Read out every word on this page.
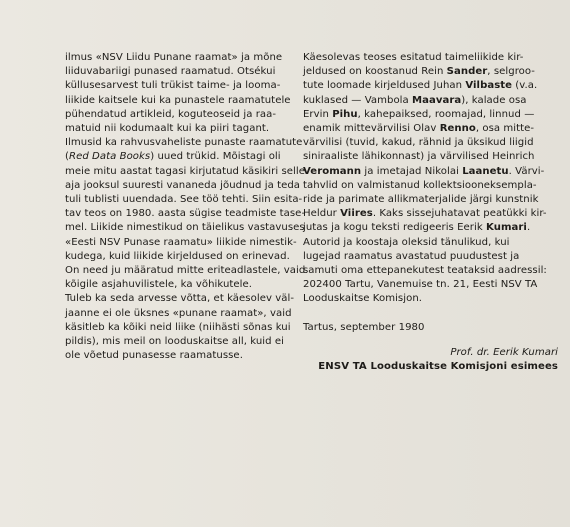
ilmus «NSV Liidu Punane raamat» ja mõne
liiduvabariigi punased raamatud. Otsékui
küllusesarvest tuli trükist taime- ja looma-
liikide kaitsele kui ka punastele raamatutele
pühendatud artikleid, koguteoseid ja raa-
matuid nii kodumaalt kui ka piiri tagant.
Ilmusid ka rahvusvaheliste punaste raamatute
(Red Data Books) uued trükid. Mõistagi oli
meie mitu aastat tagasi kirjutatud käsikiri selle
aja jooksul suuresti vananeda jõudnud ja teda
tuli tublisti uuendada. See töö tehti. Siin esita-
tav teos on 1980. aasta sügise teadmiste tase-
mel. Liikide nimestikud on täielikus vastavuses
«Eesti NSV Punase raamatu» liikide nimestik-
kudega, kuid liikide kirjeldused on erinevad.
On need ju määratud mitte eriteadlastele, vaid
kõigile asjahuvilistele, ka võhikutele.
Tuleb ka seda arvesse võtta, et käesolev väl-
jaanne ei ole üksnes «punane raamat», vaid
käsitleb ka kõiki neid liike (niihästi sõnas kui
pildis), mis meil on looduskaitse all, kuid ei
ole võetud punasesse raamatusse.
Käesolevas teoses esitatud taimeliikide kir-
jeldused on koostanud Rein Sander, selgroo-
tute loomade kirjeldused Juhan Vilbaste (v.a.
kuklased — Vambola Maavara), kalade osa
Ervin Pihu, kahepaiksed, roomajad, linnud —
enamik mittevärvilisi Olav Renno, osa mitte-
värvilisi (tuvid, kakud, rähnid ja üksikud liigid
siniraaliste lähikonnast) ja värvilised Heinrich
Veromann ja imetajad Nikolai Laanetu. Värvi-
tahvlid on valmistanud kollektsiooneksempla-
ride ja parimate allikmaterjalide järgi kunstnik
Heldur Viires. Kaks sissejuhatavat peatükki kir-
jutas ja kogu teksti redigeeris Eerik Kumari.
Autorid ja koostaja oleksid tänulikud, kui
lugejad raamatus avastatud puudustest ja
samuti oma ettepanekutest teataksid aadressil:
202400 Tartu, Vanemuise tn. 21, Eesti NSV TA
Looduskaitse Komisjon.
Tartus, september 1980
Prof. dr. Eerik Kumari
ENSV TA Looduskaitse Komisjoni esimees
